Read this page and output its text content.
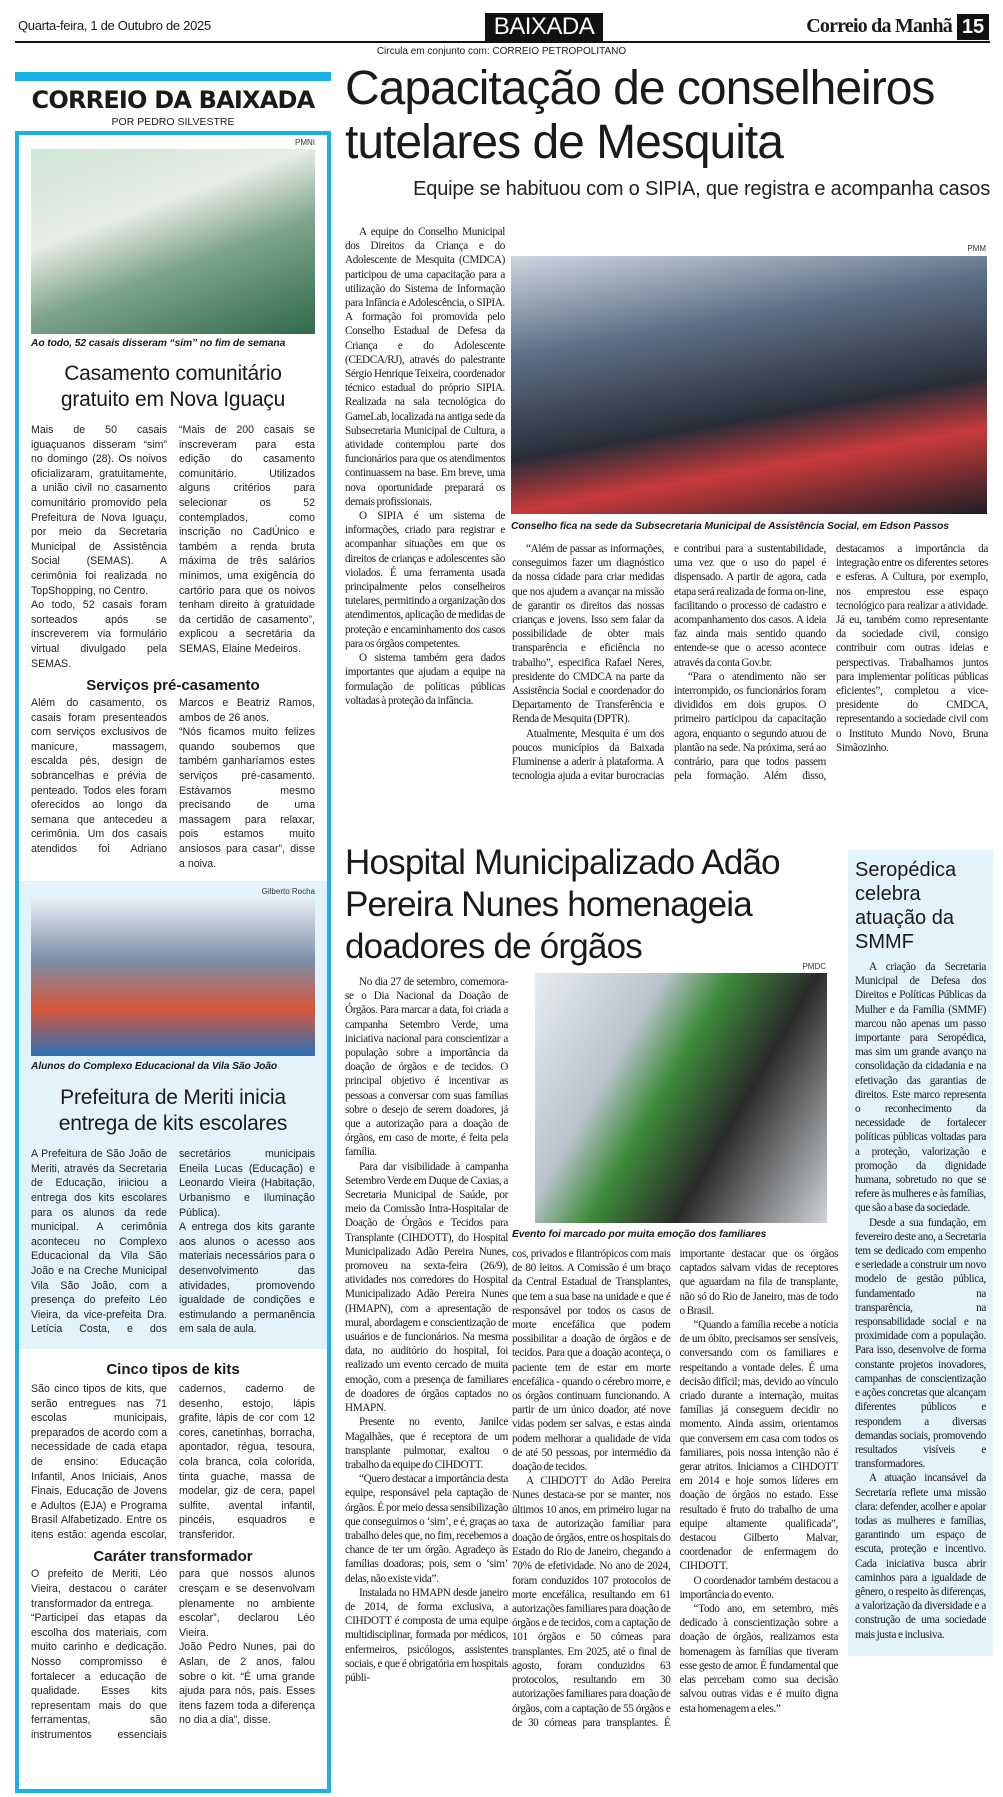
Quarta-feira, 1 de Outubro de 2025	BAIXADA	Correio da Manhã 15
Circula em conjunto com: CORREIO PETROPOLITANO
CORREIO DA BAIXADA
POR PEDRO SILVESTRE
PMNI
Ao todo, 52 casais disseram “sim” no fim de semana
Casamento comunitário gratuito em Nova Iguaçu

Mais de 50 casais iguaçuanos disseram “sim” no domingo (28). Os noivos oficializaram, gratuitamente, a união civil no casamento comunitário promovido pela Prefeitura de Nova Iguaçu, por meio da Secretaria Municipal de Assistência Social (SEMAS). A cerimônia foi realizada no TopShopping, no Centro.

Ao todo, 52 casais foram sorteados após se inscreverem via formulário virtual divulgado pela SEMAS.

“Mais de 200 casais se inscreveram para esta edição do casamento comunitário. Utilizados alguns critérios para selecionar os 52 contemplados, como inscrição no CadÚnico e também a renda bruta máxima de três salários mínimos, uma exigência do cartório para que os noivos tenham direito à gratuidade da certidão de casamento”, explicou a secretária da SEMAS, Elaine Medeiros.

Serviços pré-casamento

Além do casamento, os casais foram presenteados com serviços exclusivos de manicure, massagem, escalda pés, design de sobrancelhas e prévia de penteado. Todos eles foram oferecidos ao longo da semana que antecedeu a cerimônia. Um dos casais atendidos foi Adriano Marcos e Beatriz Ramos, ambos de 26 anos.

“Nós ficamos muito felizes quando soubemos que também ganharíamos estes serviços pré-casamento. Estávamos mesmo precisando de uma massagem para relaxar, pois estamos muito ansiosos para casar”, disse a noiva.

Gilberto Rocha
Alunos do Complexo Educacional da Vila São João
Prefeitura de Meriti inicia entrega de kits escolares

A Prefeitura de São João de Meriti, através da Secretaria de Educação, iniciou a entrega dos kits escolares para os alunos da rede municipal. A cerimônia aconteceu no Complexo Educacional da Vila São João e na Creche Municipal Vila São João, com a presença do prefeito Léo Vieira, da vice-prefeita Dra. Letícia Costa, e dos secretários municipais Eneila Lucas (Educação) e Leonardo Vieira (Habitação, Urbanismo e Iluminação Pública).

A entrega dos kits garante aos alunos o acesso aos materiais necessários para o desenvolvimento das atividades, promovendo igualdade de condições e estimulando a permanência em sala de aula.

Cinco tipos de kits

São cinco tipos de kits, que serão entregues nas 71 escolas municipais, preparados de acordo com a necessidade de cada etapa de ensino: Educação Infantil, Anos Iniciais, Anos Finais, Educação de Jovens e Adultos (EJA) e Programa Brasil Alfabetizado. Entre os itens estão: agenda escolar, cadernos, caderno de desenho, estojo, lápis grafite, lápis de cor com 12 cores, canetinhas, borracha, apontador, régua, tesoura, cola branca, cola colorida, tinta guache, massa de modelar, giz de cera, papel sulfite, avental infantil, pincéis, esquadros e transferidor.

Caráter transformador

O prefeito de Meriti, Léo Vieira, destacou o caráter transformador da entrega.

“Participei das etapas da escolha dos materiais, com muito carinho e dedicação. Nosso compromisso é fortalecer a educação de qualidade. Esses kits representam mais do que ferramentas, são instrumentos essenciais para que nossos alunos cresçam e se desenvolvam plenamente no ambiente escolar”, declarou Léo Vieira.

João Pedro Nunes, pai do Aslan, de 2 anos, falou sobre o kit. “É uma grande ajuda para nós, pais. Esses itens fazem toda a diferença no dia a dia”, disse.

Capacitação de conselheiros tutelares de Mesquita
Equipe se habituou com o SIPIA, que registra e acompanha casos
PMM
Conselho fica na sede da Subsecretaria Municipal de Assistência Social, em Edson Passos

A equipe do Conselho Municipal dos Direitos da Criança e do Adolescente de Mesquita (CMDCA) participou de uma capacitação para a utilização do Sistema de Informação para Infância e Adolescência, o SIPIA. A formação foi promovida pelo Conselho Estadual de Defesa da Criança e do Adolescente (CEDCA/RJ), através do palestrante Sérgio Henrique Teixeira, coordenador técnico estadual do próprio SIPIA. Realizada na sala tecnológica do GameLab, localizada na antiga sede da Subsecretaria Municipal de Cultura, a atividade contemplou parte dos funcionários para que os atendimentos continuassem na base. Em breve, uma nova oportunidade preparará os demais profissionais.

O SIPIA é um sistema de informações, criado para registrar e acompanhar situações em que os direitos de crianças e adolescentes são violados. É uma ferramenta usada principalmente pelos conselheiros tutelares, permitindo a organização dos atendimentos, aplicação de medidas de proteção e encaminhamento dos casos para os órgãos competentes.

O sistema também gera dados importantes que ajudam a equipe na formulação de políticas públicas voltadas à proteção da infância.

“Além de passar as informações, conseguimos fazer um diagnóstico da nossa cidade para criar medidas que nos ajudem a avançar na missão de garantir os direitos das nossas crianças e jovens. Isso sem falar da possibilidade de obter mais transparência e eficiência no trabalho”, especifica Rafael Neres, presidente do CMDCA na parte da Assistência Social e coordenador do Departamento de Transferência e Renda de Mesquita (DPTR).

Atualmente, Mesquita é um dos poucos municípios da Baixada Fluminense a aderir à plataforma. A tecnologia ajuda a evitar burocracias e contribui para a sustentabilidade, uma vez que o uso do papel é dispensado. A partir de agora, cada etapa será realizada de forma on-line, facilitando o processo de cadastro e acompanhamento dos casos. A ideia faz ainda mais sentido quando entende-se que o acesso acontece através da conta Gov.br.

“Para o atendimento não ser interrompido, os funcionários foram divididos em dois grupos. O primeiro participou da capacitação agora, enquanto o segundo atuou de plantão na sede. Na próxima, será ao contrário, para que todos passem pela formação. Além disso, destacamos a importância da integração entre os diferentes setores e esferas. A Cultura, por exemplo, nos emprestou esse espaço tecnológico para realizar a atividade. Já eu, também como representante da sociedade civil, consigo contribuir com outras ideias e perspectivas. Trabalhamos juntos para implementar políticas públicas eficientes”, completou a vice-presidente do CMDCA, representando a sociedade civil com o Instituto Mundo Novo, Bruna Simãozinho.

Hospital Municipalizado Adão Pereira Nunes homenageia doadores de órgãos
PMDC
Evento foi marcado por muita emoção dos familiares

No dia 27 de setembro, comemora-se o Dia Nacional da Doação de Órgãos. Para marcar a data, foi criada a campanha Setembro Verde, uma iniciativa nacional para conscientizar a população sobre a importância da doação de órgãos e de tecidos. O principal objetivo é incentivar as pessoas a conversar com suas famílias sobre o desejo de serem doadores, já que a autorização para a doação de órgãos, em caso de morte, é feita pela família.

Para dar visibilidade à campanha Setembro Verde em Duque de Caxias, a Secretaria Municipal de Saúde, por meio da Comissão Intra-Hospitalar de Doação de Órgãos e Tecidos para Transplante (CIHDOTT), do Hospital Municipalizado Adão Pereira Nunes, promoveu na sexta-feira (26/9), atividades nos corredores do Hospital Municipalizado Adão Pereira Nunes (HMAPN), com a apresentação de mural, abordagem e conscientização de usuários e de funcionários. Na mesma data, no auditório do hospital, foi realizado um evento cercado de muita emoção, com a presença de familiares de doadores de órgãos captados no HMAPN.

Presente no evento, Janilce Magalhães, que é receptora de um transplante pulmonar, exaltou o trabalho da equipe do CIHDOTT.

“Quero destacar a importância desta equipe, responsável pela captação de órgãos. É por meio dessa sensibilização que conseguimos o ‘sim’, e é, graças ao trabalho deles que, no fim, recebemos a chance de ter um órgão. Agradeço às famílias doadoras; pois, sem o ‘sim’ delas, não existe vida”.

Instalada no HMAPN desde janeiro de 2014, de forma exclusiva, a CIHDOTT é composta de uma equipe multidisciplinar, formada por médicos, enfermeiros, psicólogos, assistentes sociais, e que é obrigatória em hospitais públi-

cos, privados e filantrópicos com mais de 80 leitos. A Comissão é um braço da Central Estadual de Transplantes, que tem a sua base na unidade e que é responsável por todos os casos de morte encefálica que podem possibilitar a doação de órgãos e de tecidos. Para que a doação aconteça, o paciente tem de estar em morte encefálica - quando o cérebro morre, e os órgãos continuam funcionando. A partir de um único doador, até nove vidas podem ser salvas, e estas ainda podem melhorar a qualidade de vida de até 50 pessoas, por intermédio da doação de tecidos.

A CIHDOTT do Adão Pereira Nunes destaca-se por se manter, nos últimos 10 anos, em primeiro lugar na taxa de autorização familiar para doação de órgãos, entre os hospitais do Estado do Rio de Janeiro, chegando a 70% de efetividade. No ano de 2024, foram conduzidos 107 protocolos de morte encefálica, resultando em 61 autorizações familiares para doação de órgãos e de tecidos, com a captação de 101 órgãos e 50 córneas para transplantes. Em 2025, até o final de agosto, foram conduzidos 63 protocolos, resultando em 30 autorizações familiares para doação de órgãos, com a captação de 55 órgãos e de 30 córneas para transplantes. É importante destacar que os órgãos captados salvam vidas de receptores que aguardam na fila de transplante, não só do Rio de Janeiro, mas de todo o Brasil.

“Quando a família recebe a notícia de um óbito, precisamos ser sensíveis, conversando com os familiares e respeitando a vontade deles. É uma decisão difícil; mas, devido ao vínculo criado durante a internação, muitas famílias já conseguem decidir no momento. Ainda assim, orientamos que conversem em casa com todos os familiares, pois nossa intenção não é gerar atritos. Iniciamos a CIHDOTT em 2014 e hoje somos líderes em doação de órgãos no estado. Esse resultado é fruto do trabalho de uma equipe altamente qualificada”, destacou Gilberto Malvar, coordenador de enfermagem do CIHDOTT.

O coordenador também destacou a importância do evento.

“Todo ano, em setembro, mês dedicado à conscientização sobre a doação de órgãos, realizamos esta homenagem às famílias que tiveram esse gesto de amor. É fundamental que elas percebam como sua decisão salvou outras vidas e é muito digna esta homenagem a eles.”

Seropédica celebra atuação da SMMF

A criação da Secretaria Municipal de Defesa dos Direitos e Políticas Públicas da Mulher e da Família (SMMF) marcou não apenas um passo importante para Seropédica, mas sim um grande avanço na consolidação da cidadania e na efetivação das garantias de direitos. Este marco representa o reconhecimento da necessidade de fortalecer políticas públicas voltadas para a proteção, valorização e promoção da dignidade humana, sobretudo no que se refere às mulheres e às famílias, que são a base da sociedade.

Desde a sua fundação, em fevereiro deste ano, a Secretaria tem se dedicado com empenho e seriedade a construir um novo modelo de gestão pública, fundamentado na transparência, na responsabilidade social e na proximidade com a população. Para isso, desenvolve de forma constante projetos inovadores, campanhas de conscientização e ações concretas que alcançam diferentes públicos e respondem a diversas demandas sociais, promovendo resultados visíveis e transformadores.

A atuação incansável da Secretaria reflete uma missão clara: defender, acolher e apoiar todas as mulheres e famílias, garantindo um espaço de escuta, proteção e incentivo. Cada iniciativa busca abrir caminhos para a igualdade de gênero, o respeito às diferenças, a valorização da diversidade e a construção de uma sociedade mais justa e inclusiva.
